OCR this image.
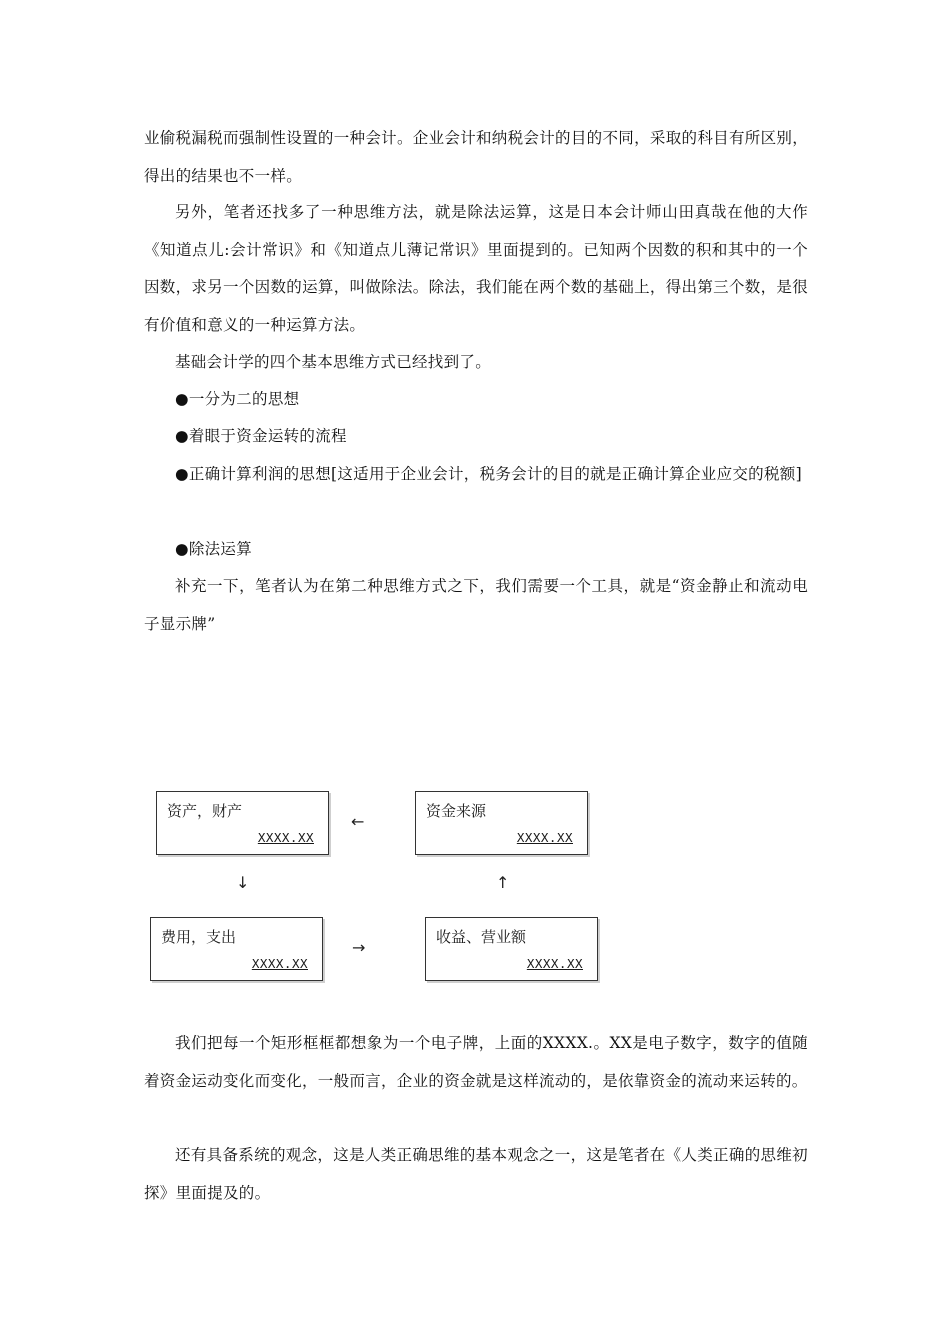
业偷税漏税而强制性设置的一种会计。企业会计和纳税会计的目的不同，采取的科目有所区别，得出的结果也不一样。

另外，笔者还找多了一种思维方法，就是除法运算，这是日本会计师山田真哉在他的大作《知道点儿:会计常识》和《知道点儿薄记常识》里面提到的。已知两个因数的积和其中的一个因数，求另一个因数的运算，叫做除法。除法，我们能在两个数的基础上，得出第三个数，是很有价值和意义的一种运算方法。

基础会计学的四个基本思维方式已经找到了。

●一分为二的思想

●着眼于资金运转的流程

●正确计算利润的思想[这适用于企业会计，税务会计的目的就是正确计算企业应交的税额]

●除法运算

补充一下，笔者认为在第二种思维方式之下，我们需要一个工具，就是“资金静止和流动电子显示牌”

资产，财产
XXXX.XX
←
资金来源
XXXX.XX
↓	↑
费用，支出
XXXX.XX
→
收益、营业额
XXXX.XX

我们把每一个矩形框框都想象为一个电子牌，上面的XXXX.。XX是电子数字，数字的值随着资金运动变化而变化，一般而言，企业的资金就是这样流动的，是依靠资金的流动来运转的。

还有具备系统的观念，这是人类正确思维的基本观念之一，这是笔者在《人类正确的思维初探》里面提及的。
